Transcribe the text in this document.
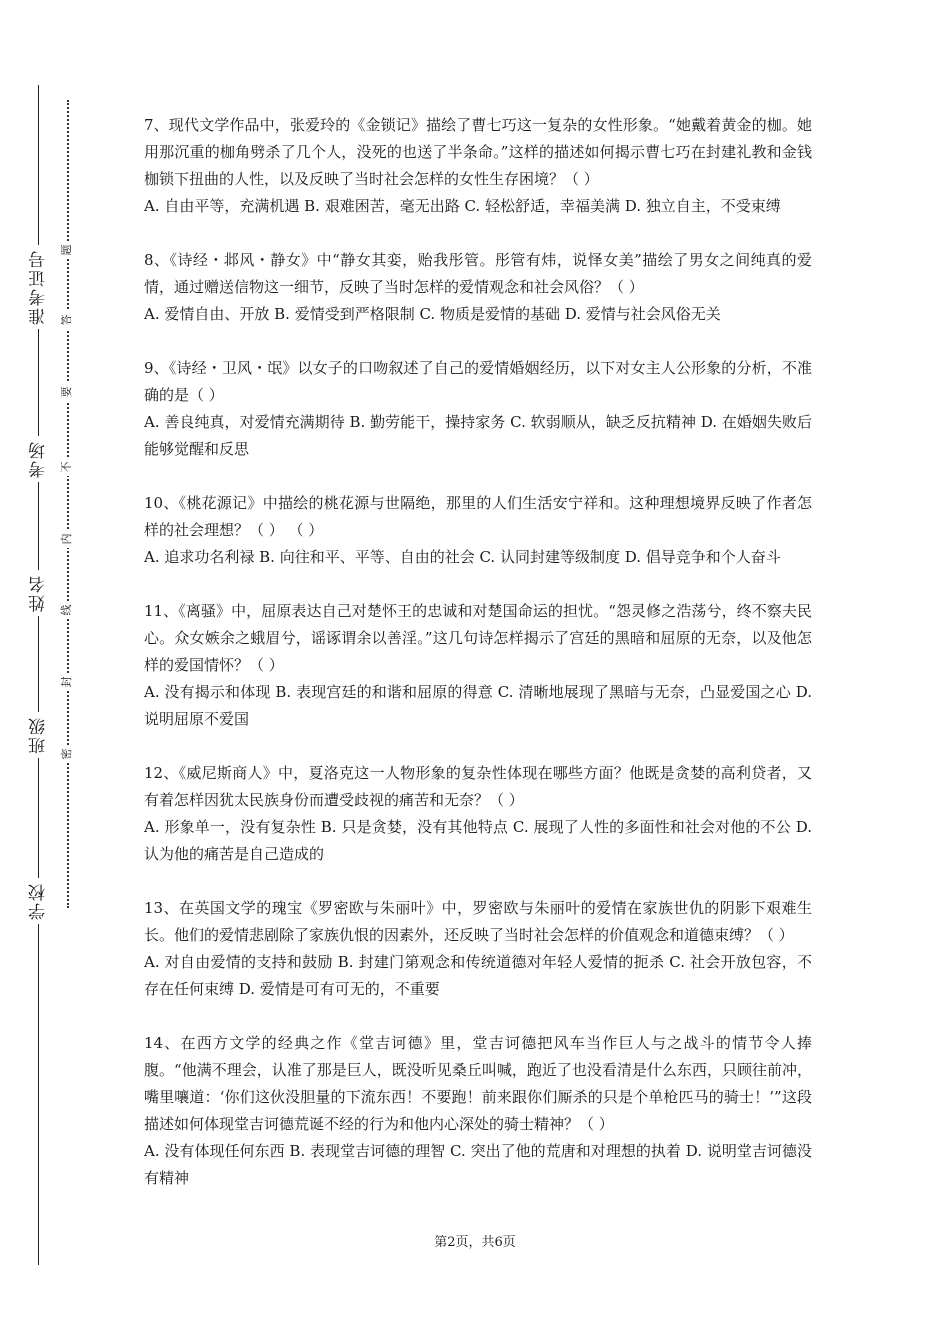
准考证号
考场
姓名
班级
学校
题
答
要
不
内
线
封
密

7、现代文学作品中，张爱玲的《金锁记》描绘了曹七巧这一复杂的女性形象。“她戴着黄金的枷。她用那沉重的枷角劈杀了几个人，没死的也送了半条命。”这样的描述如何揭示曹七巧在封建礼教和金钱枷锁下扭曲的人性，以及反映了当时社会怎样的女性生存困境？（ ）

A. 自由平等，充满机遇 B. 艰难困苦，毫无出路 C. 轻松舒适，幸福美满 D. 独立自主，不受束缚

8、《诗经・邶风・静女》中“静女其娈，贻我彤管。彤管有炜，说怿女美”描绘了男女之间纯真的爱情，通过赠送信物这一细节，反映了当时怎样的爱情观念和社会风俗？（ ）

A. 爱情自由、开放 B. 爱情受到严格限制 C. 物质是爱情的基础 D. 爱情与社会风俗无关

9、《诗经・卫风・氓》以女子的口吻叙述了自己的爱情婚姻经历，以下对女主人公形象的分析，不准确的是（ ）

A. 善良纯真，对爱情充满期待 B. 勤劳能干，操持家务 C. 软弱顺从，缺乏反抗精神 D. 在婚姻失败后能够觉醒和反思

10、《桃花源记》中描绘的桃花源与世隔绝，那里的人们生活安宁祥和。这种理想境界反映了作者怎样的社会理想？（ ） （ ）

A. 追求功名利禄 B. 向往和平、平等、自由的社会 C. 认同封建等级制度 D. 倡导竞争和个人奋斗

11、《离骚》中，屈原表达自己对楚怀王的忠诚和对楚国命运的担忧。“怨灵修之浩荡兮，终不察夫民心。众女嫉余之蛾眉兮，谣诼谓余以善淫。”这几句诗怎样揭示了宫廷的黑暗和屈原的无奈，以及他怎样的爱国情怀？（ ）

A. 没有揭示和体现 B. 表现宫廷的和谐和屈原的得意 C. 清晰地展现了黑暗与无奈，凸显爱国之心 D. 说明屈原不爱国

12、《威尼斯商人》中，夏洛克这一人物形象的复杂性体现在哪些方面？他既是贪婪的高利贷者，又有着怎样因犹太民族身份而遭受歧视的痛苦和无奈？（ ）

A. 形象单一，没有复杂性 B. 只是贪婪，没有其他特点 C. 展现了人性的多面性和社会对他的不公 D. 认为他的痛苦是自己造成的

13、在英国文学的瑰宝《罗密欧与朱丽叶》中，罗密欧与朱丽叶的爱情在家族世仇的阴影下艰难生长。他们的爱情悲剧除了家族仇恨的因素外，还反映了当时社会怎样的价值观念和道德束缚？（ ）

A. 对自由爱情的支持和鼓励 B. 封建门第观念和传统道德对年轻人爱情的扼杀 C. 社会开放包容，不存在任何束缚 D. 爱情是可有可无的，不重要

14、在西方文学的经典之作《堂吉诃德》里，堂吉诃德把风车当作巨人与之战斗的情节令人捧腹。“他满不理会，认准了那是巨人，既没听见桑丘叫喊，跑近了也没看清是什么东西，只顾往前冲，嘴里嚷道：‘你们这伙没胆量的下流东西！不要跑！前来跟你们厮杀的只是个单枪匹马的骑士！’”这段描述如何体现堂吉诃德荒诞不经的行为和他内心深处的骑士精神？（ ）

A. 没有体现任何东西 B. 表现堂吉诃德的理智 C. 突出了他的荒唐和对理想的执着 D. 说明堂吉诃德没有精神

第2页，共6页
